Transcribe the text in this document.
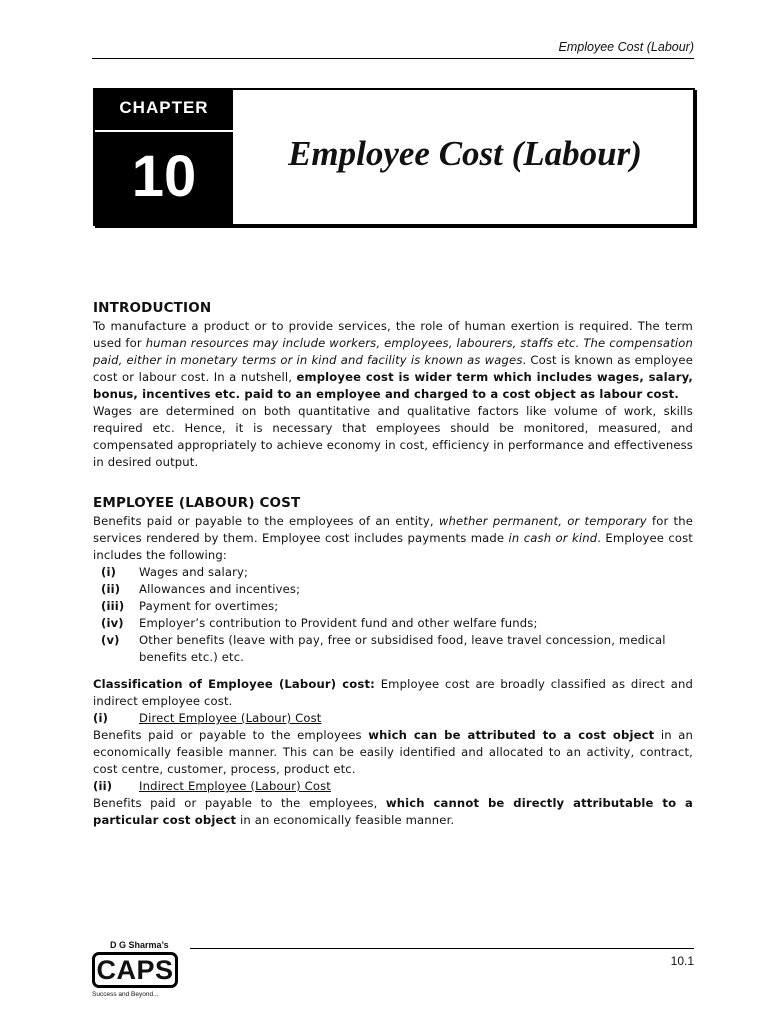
Employee Cost (Labour)
CHAPTER
10	Employee Cost (Labour)
INTRODUCTION

To manufacture a product or to provide services, the role of human exertion is required. The term used for human resources may include workers, employees, labourers, staffs etc. The compensation paid, either in monetary terms or in kind and facility is known as wages. Cost is known as employee cost or labour cost. In a nutshell, employee cost is wider term which includes wages, salary, bonus, incentives etc. paid to an employee and charged to a cost object as labour cost.

Wages are determined on both quantitative and qualitative factors like volume of work, skills required etc. Hence, it is necessary that employees should be monitored, measured, and compensated appropriately to achieve economy in cost, efficiency in performance and effectiveness in desired output.

EMPLOYEE (LABOUR) COST

Benefits paid or payable to the employees of an entity, whether permanent, or temporary for the services rendered by them. Employee cost includes payments made in cash or kind. Employee cost includes the following:

(i)	Wages and salary;
(ii)	Allowances and incentives;
(iii)	Payment for overtimes;
(iv)	Employer’s contribution to Provident fund and other welfare funds;
(v)	Other benefits (leave with pay, free or subsidised food, leave travel concession, medical benefits etc.) etc.

Classification of Employee (Labour) cost: Employee cost are broadly classified as direct and indirect employee cost.

(i)	Direct Employee (Labour) Cost

Benefits paid or payable to the employees which can be attributed to a cost object in an economically feasible manner. This can be easily identified and allocated to an activity, contract, cost centre, customer, process, product etc.

(ii)	Indirect Employee (Labour) Cost

Benefits paid or payable to the employees, which cannot be directly attributable to a particular cost object in an economically feasible manner.

10.1
D G Sharma’s
CAPS
Success and Beyond...
